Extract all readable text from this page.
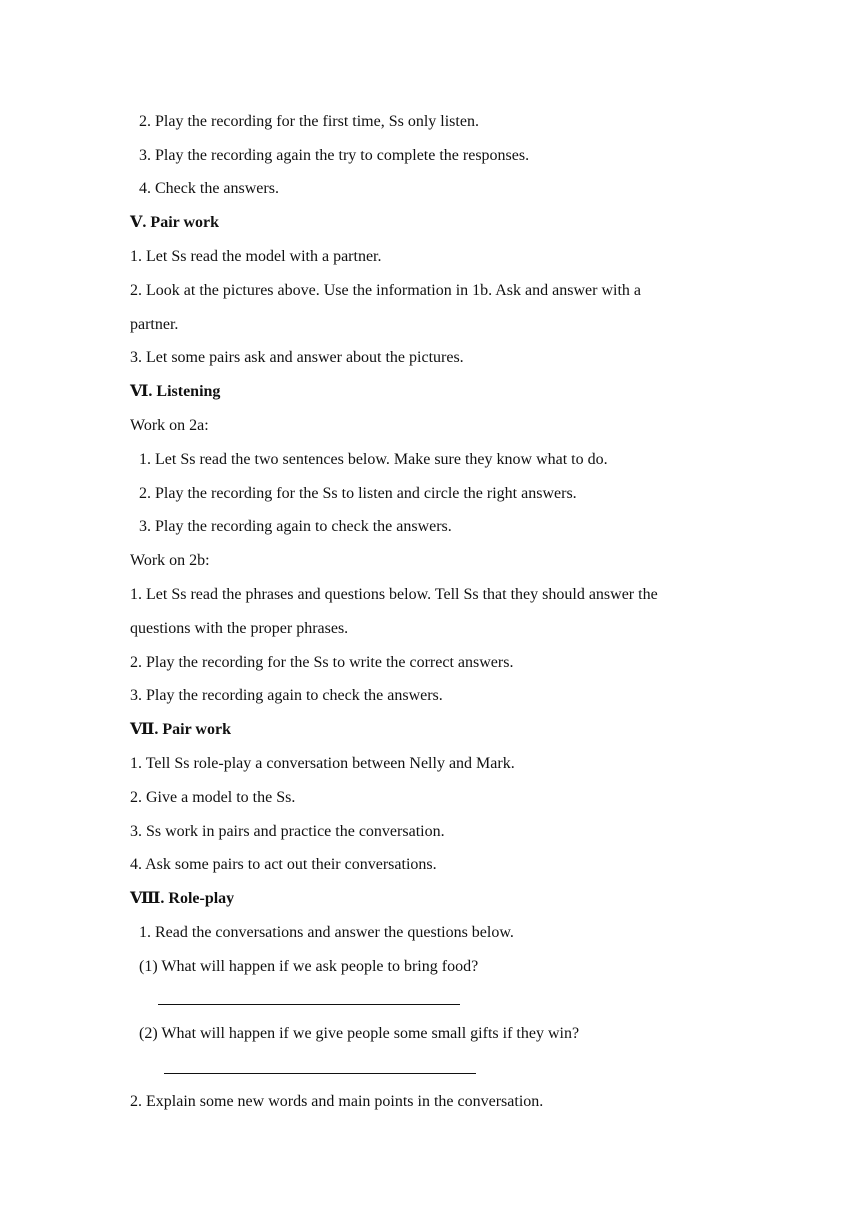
2. Play the recording for the first time, Ss only listen.
3. Play the recording again the try to complete the responses.
4. Check the answers.
Ⅴ. Pair work
1. Let Ss read the model with a partner.
2. Look at the pictures above. Use the information in 1b. Ask and answer with a
partner.
3. Let some pairs ask and answer about the pictures.
Ⅵ. Listening
Work on 2a:
1. Let Ss read the two sentences below. Make sure they know what to do.
2. Play the recording for the Ss to listen and circle the right answers.
3. Play the recording again to check the answers.
Work on 2b:
1. Let Ss read the phrases and questions below. Tell Ss that they should answer the
questions with the proper phrases.
2. Play the recording for the Ss to write the correct answers.
3. Play the recording again to check the answers.
Ⅶ. Pair work
1. Tell Ss role-play a conversation between Nelly and Mark.
2. Give a model to the Ss.
3. Ss work in pairs and practice the conversation.
4. Ask some pairs to act out their conversations.
Ⅷ. Role-play
1. Read the conversations and answer the questions below.
(1) What will happen if we ask people to bring food?
(2) What will happen if we give people some small gifts if they win?
2. Explain some new words and main points in the conversation.
